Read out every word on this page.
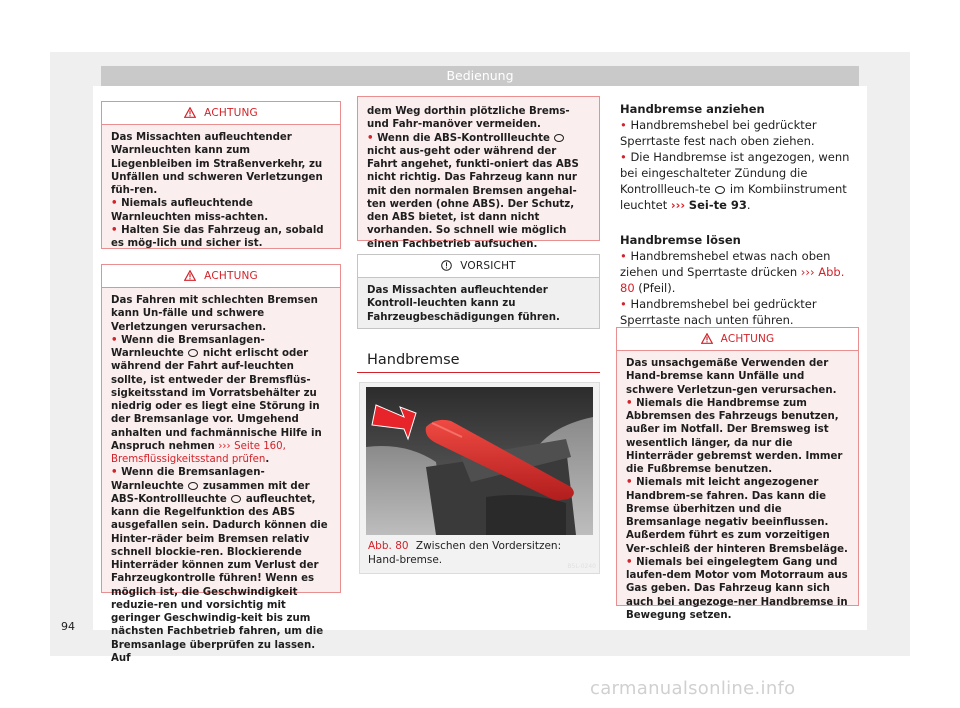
Bedienung
ACHTUNG

Das Missachten aufleuchtender Warnleuchten kann zum Liegenbleiben im Straßenverkehr, zu Unfällen und schweren Verletzungen füh-ren.

• Niemals aufleuchtende Warnleuchten miss-achten.

• Halten Sie das Fahrzeug an, sobald es mög-lich und sicher ist.

ACHTUNG

Das Fahren mit schlechten Bremsen kann Un-fälle und schwere Verletzungen verursachen.

• Wenn die Bremsanlagen-Warnleuchte nicht erlischt oder während der Fahrt auf-leuchten sollte, ist entweder der Bremsflüs-sigkeitsstand im Vorratsbehälter zu niedrig oder es liegt eine Störung in der Bremsanlage vor. Umgehend anhalten und fachmännische Hilfe in Anspruch nehmen ››› Seite 160, Bremsflüssigkeitsstand prüfen.

• Wenn die Bremsanlagen-Warnleuchte zusammen mit der ABS-Kontrollleuchte aufleuchtet, kann die Regelfunktion des ABS ausgefallen sein. Dadurch können die Hinter-räder beim Bremsen relativ schnell blockie-ren. Blockierende Hinterräder können zum Verlust der Fahrzeugkontrolle führen! Wenn es möglich ist, die Geschwindigkeit reduzie-ren und vorsichtig mit geringer Geschwindig-keit bis zum nächsten Fachbetrieb fahren, um die Bremsanlage überprüfen zu lassen. Auf

dem Weg dorthin plötzliche Brems- und Fahr-manöver vermeiden.

• Wenn die ABS-Kontrollleuchte  nicht aus-geht oder während der Fahrt angehet, funkti-oniert das ABS nicht richtig. Das Fahrzeug kann nur mit den normalen Bremsen angehal-ten werden (ohne ABS). Der Schutz, den ABS bietet, ist dann nicht vorhanden. So schnell wie möglich einen Fachbetrieb aufsuchen.

VORSICHT

Das Missachten aufleuchtender Kontroll-leuchten kann zu Fahrzeugbeschädigungen führen.

Handbremse
B5L-0240
Abb. 80 Zwischen den Vordersitzen: Hand-bremse.

Handbremse anziehen

• Handbremshebel bei gedrückter Sperrtaste fest nach oben ziehen.

• Die Handbremse ist angezogen, wenn bei eingeschalteter Zündung die Kontrollleuch-te im Kombiinstrument leuchtet ››› Sei-te 93.

Handbremse lösen

• Handbremshebel etwas nach oben ziehen und Sperrtaste drücken ››› Abb. 80 (Pfeil).

• Handbremshebel bei gedrückter Sperrtaste nach unten führen.

ACHTUNG

Das unsachgemäße Verwenden der Hand-bremse kann Unfälle und schwere Verletzun-gen verursachen.

• Niemals die Handbremse zum Abbremsen des Fahrzeugs benutzen, außer im Notfall. Der Bremsweg ist wesentlich länger, da nur die Hinterräder gebremst werden. Immer die Fußbremse benutzen.

• Niemals mit leicht angezogener Handbrem-se fahren. Das kann die Bremse überhitzen und die Bremsanlage negativ beeinflussen. Außerdem führt es zum vorzeitigen Ver-schleiß der hinteren Bremsbeläge.

• Niemals bei eingelegtem Gang und laufen-dem Motor vom Motorraum aus Gas geben. Das Fahrzeug kann sich auch bei angezoge-ner Handbremse in Bewegung setzen.

94
carmanualsonline.info
